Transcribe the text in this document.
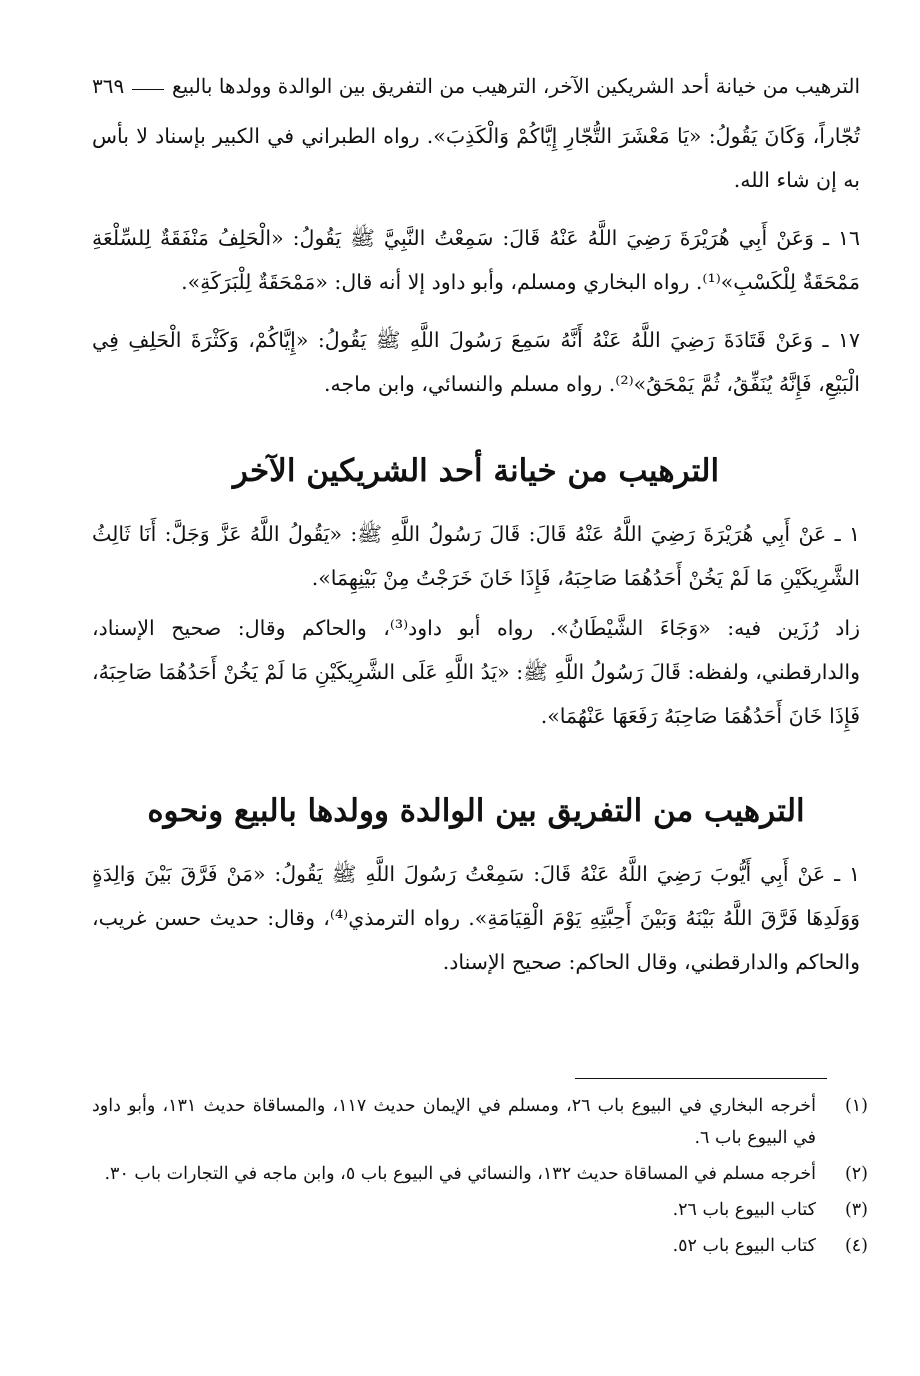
الترهيب من خيانة أحد الشريكين الآخر، الترهيب من التفريق بين الوالدة وولدها بالبيع
٣٦٩

تُجّاراً، وَكَانَ يَقُولُ: «يَا مَعْشَرَ التُّجّارِ إِيَّاكُمْ وَالْكَذِبَ». رواه الطبراني في الكبير بإسناد لا بأس به إن شاء الله.

١٦ ـ وَعَنْ أَبِي هُرَيْرَةَ رَضِيَ اللَّهُ عَنْهُ قَالَ: سَمِعْتُ النَّبِيَّ ﷺ يَقُولُ: «الْحَلِفُ مَنْفَقَةٌ لِلسِّلْعَةِ مَمْحَقَةٌ لِلْكَسْبِ»⁽¹⁾. رواه البخاري ومسلم، وأبو داود إلا أنه قال: «مَمْحَقَةٌ لِلْبَرَكَةِ».

١٧ ـ وَعَنْ قَتَادَةَ رَضِيَ اللَّهُ عَنْهُ أَنَّهُ سَمِعَ رَسُولَ اللَّهِ ﷺ يَقُولُ: «إِيَّاكُمْ، وَكَثْرَةَ الْحَلِفِ فِي الْبَيْعِ، فَإِنَّهُ يُنَفِّقُ، ثُمَّ يَمْحَقُ»⁽²⁾. رواه مسلم والنسائي، وابن ماجه.

الترهيب من خيانة أحد الشريكين الآخر

١ ـ عَنْ أَبِي هُرَيْرَةَ رَضِيَ اللَّهُ عَنْهُ قَالَ: قَالَ رَسُولُ اللَّهِ ﷺ: «يَقُولُ اللَّهُ عَزَّ وَجَلَّ: أَنَا ثَالِثُ الشَّرِيكَيْنِ مَا لَمْ يَخُنْ أَحَدُهُمَا صَاحِبَهُ، فَإِذَا خَانَ خَرَجْتُ مِنْ بَيْنِهِمَا».

زاد رُزَين فيه: «وَجَاءَ الشَّيْطَانُ». رواه أبو داود⁽³⁾، والحاكم وقال: صحيح الإسناد، والدارقطني، ولفظه: قَالَ رَسُولُ اللَّهِ ﷺ: «يَدُ اللَّهِ عَلَى الشَّرِيكَيْنِ مَا لَمْ يَخُنْ أَحَدُهُمَا صَاحِبَهُ، فَإِذَا خَانَ أَحَدُهُمَا صَاحِبَهُ رَفَعَهَا عَنْهُمَا».

الترهيب من التفريق بين الوالدة وولدها بالبيع ونحوه

١ ـ عَنْ أَبِي أَيُّوبَ رَضِيَ اللَّهُ عَنْهُ قَالَ: سَمِعْتُ رَسُولَ اللَّهِ ﷺ يَقُولُ: «مَنْ فَرَّقَ بَيْنَ وَالِدَةٍ وَوَلَدِهَا فَرَّقَ اللَّهُ بَيْنَهُ وَبَيْنَ أَحِبَّتِهِ يَوْمَ الْقِيَامَةِ». رواه الترمذي⁽⁴⁾، وقال: حديث حسن غريب، والحاكم والدارقطني، وقال الحاكم: صحيح الإسناد.

(١)
أخرجه البخاري في البيوع باب ٢٦، ومسلم في الإيمان حديث ١١٧، والمساقاة حديث ١٣١، وأبو داود في البيوع باب ٦.
(٢)
أخرجه مسلم في المساقاة حديث ١٣٢، والنسائي في البيوع باب ٥، وابن ماجه في التجارات باب ٣٠.
(٣)
كتاب البيوع باب ٢٦.
(٤)
كتاب البيوع باب ٥٢.
